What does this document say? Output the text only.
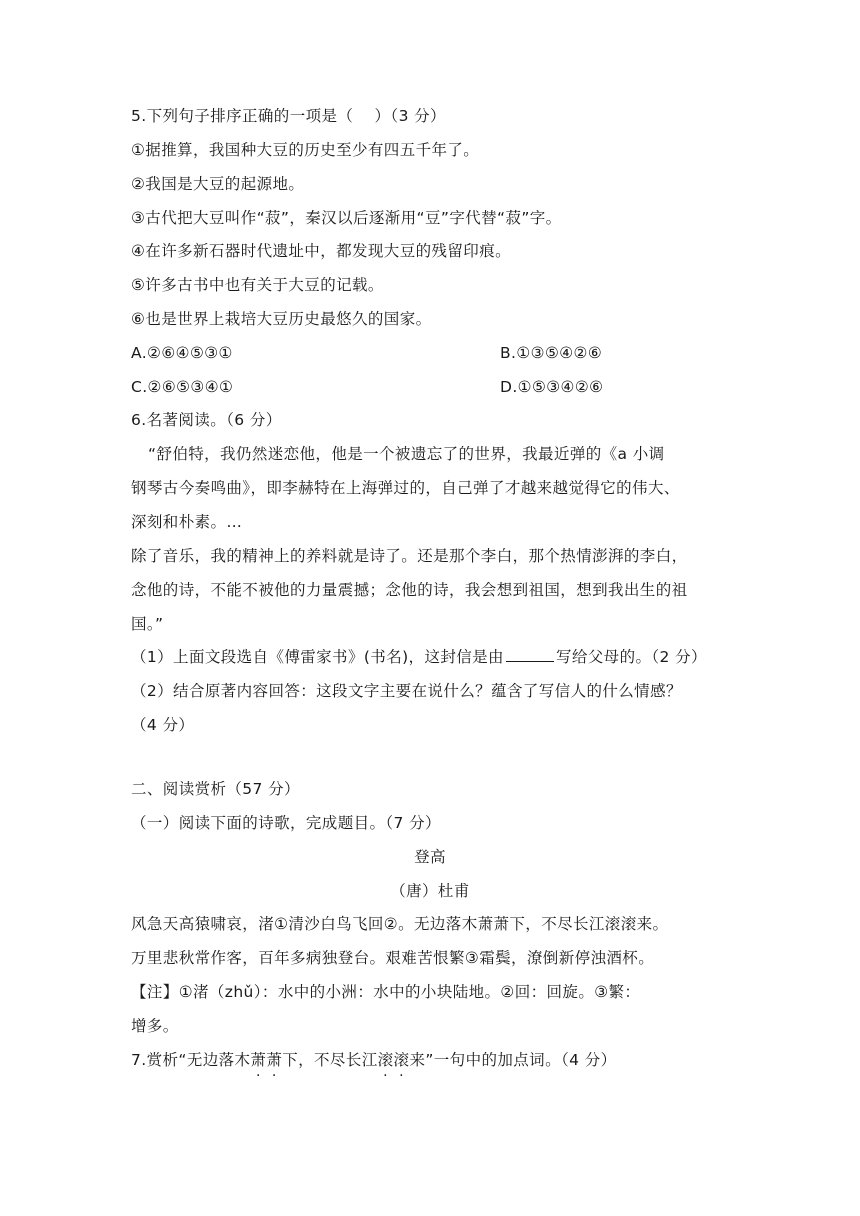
5.下列句子排序正确的一项是（　 ）（3 分）
①据推算，我国种大豆的历史至少有四五千年了。
②我国是大豆的起源地。
③古代把大豆叫作“菽”，秦汉以后逐渐用“豆”字代替“菽”字。
④在许多新石器时代遗址中，都发现大豆的残留印痕。
⑤许多古书中也有关于大豆的记载。
⑥也是世界上栽培大豆历史最悠久的国家。
A.②⑥④⑤③①	B.①③⑤④②⑥
C.②⑥⑤③④①	D.①⑤③④②⑥
6.名著阅读。（6 分）
“舒伯特，我仍然迷恋他，他是一个被遗忘了的世界，我最近弹的《a 小调
钢琴古今奏鸣曲》，即李赫特在上海弹过的，自己弹了才越来越觉得它的伟大、
深刻和朴素。…
除了音乐，我的精神上的养料就是诗了。还是那个李白，那个热情澎湃的李白，
念他的诗，不能不被他的力量震撼；念他的诗，我会想到祖国，想到我出生的祖
国。”
（1）上面文段选自《傅雷家书》(书名)，这封信是由	写给父母的。（2 分）
（2）结合原著内容回答：这段文字主要在说什么？蕴含了写信人的什么情感？
（4 分）
二、阅读赏析（57 分）
（一）阅读下面的诗歌，完成题目。（7 分）
登高
（唐）杜甫
风急天高猿啸哀，渚①清沙白鸟飞回②。无边落木萧萧下，不尽长江滚滚来。
万里悲秋常作客，百年多病独登台。艰难苦恨繁③霜鬓，潦倒新停浊酒杯。
【注】①渚（zhǔ）：水中的小洲：水中的小块陆地。②回：回旋。③繁：
增多。
7.赏析“无边落木萧萧下，不尽长江滚滚来”一句中的加点词。（4 分）
